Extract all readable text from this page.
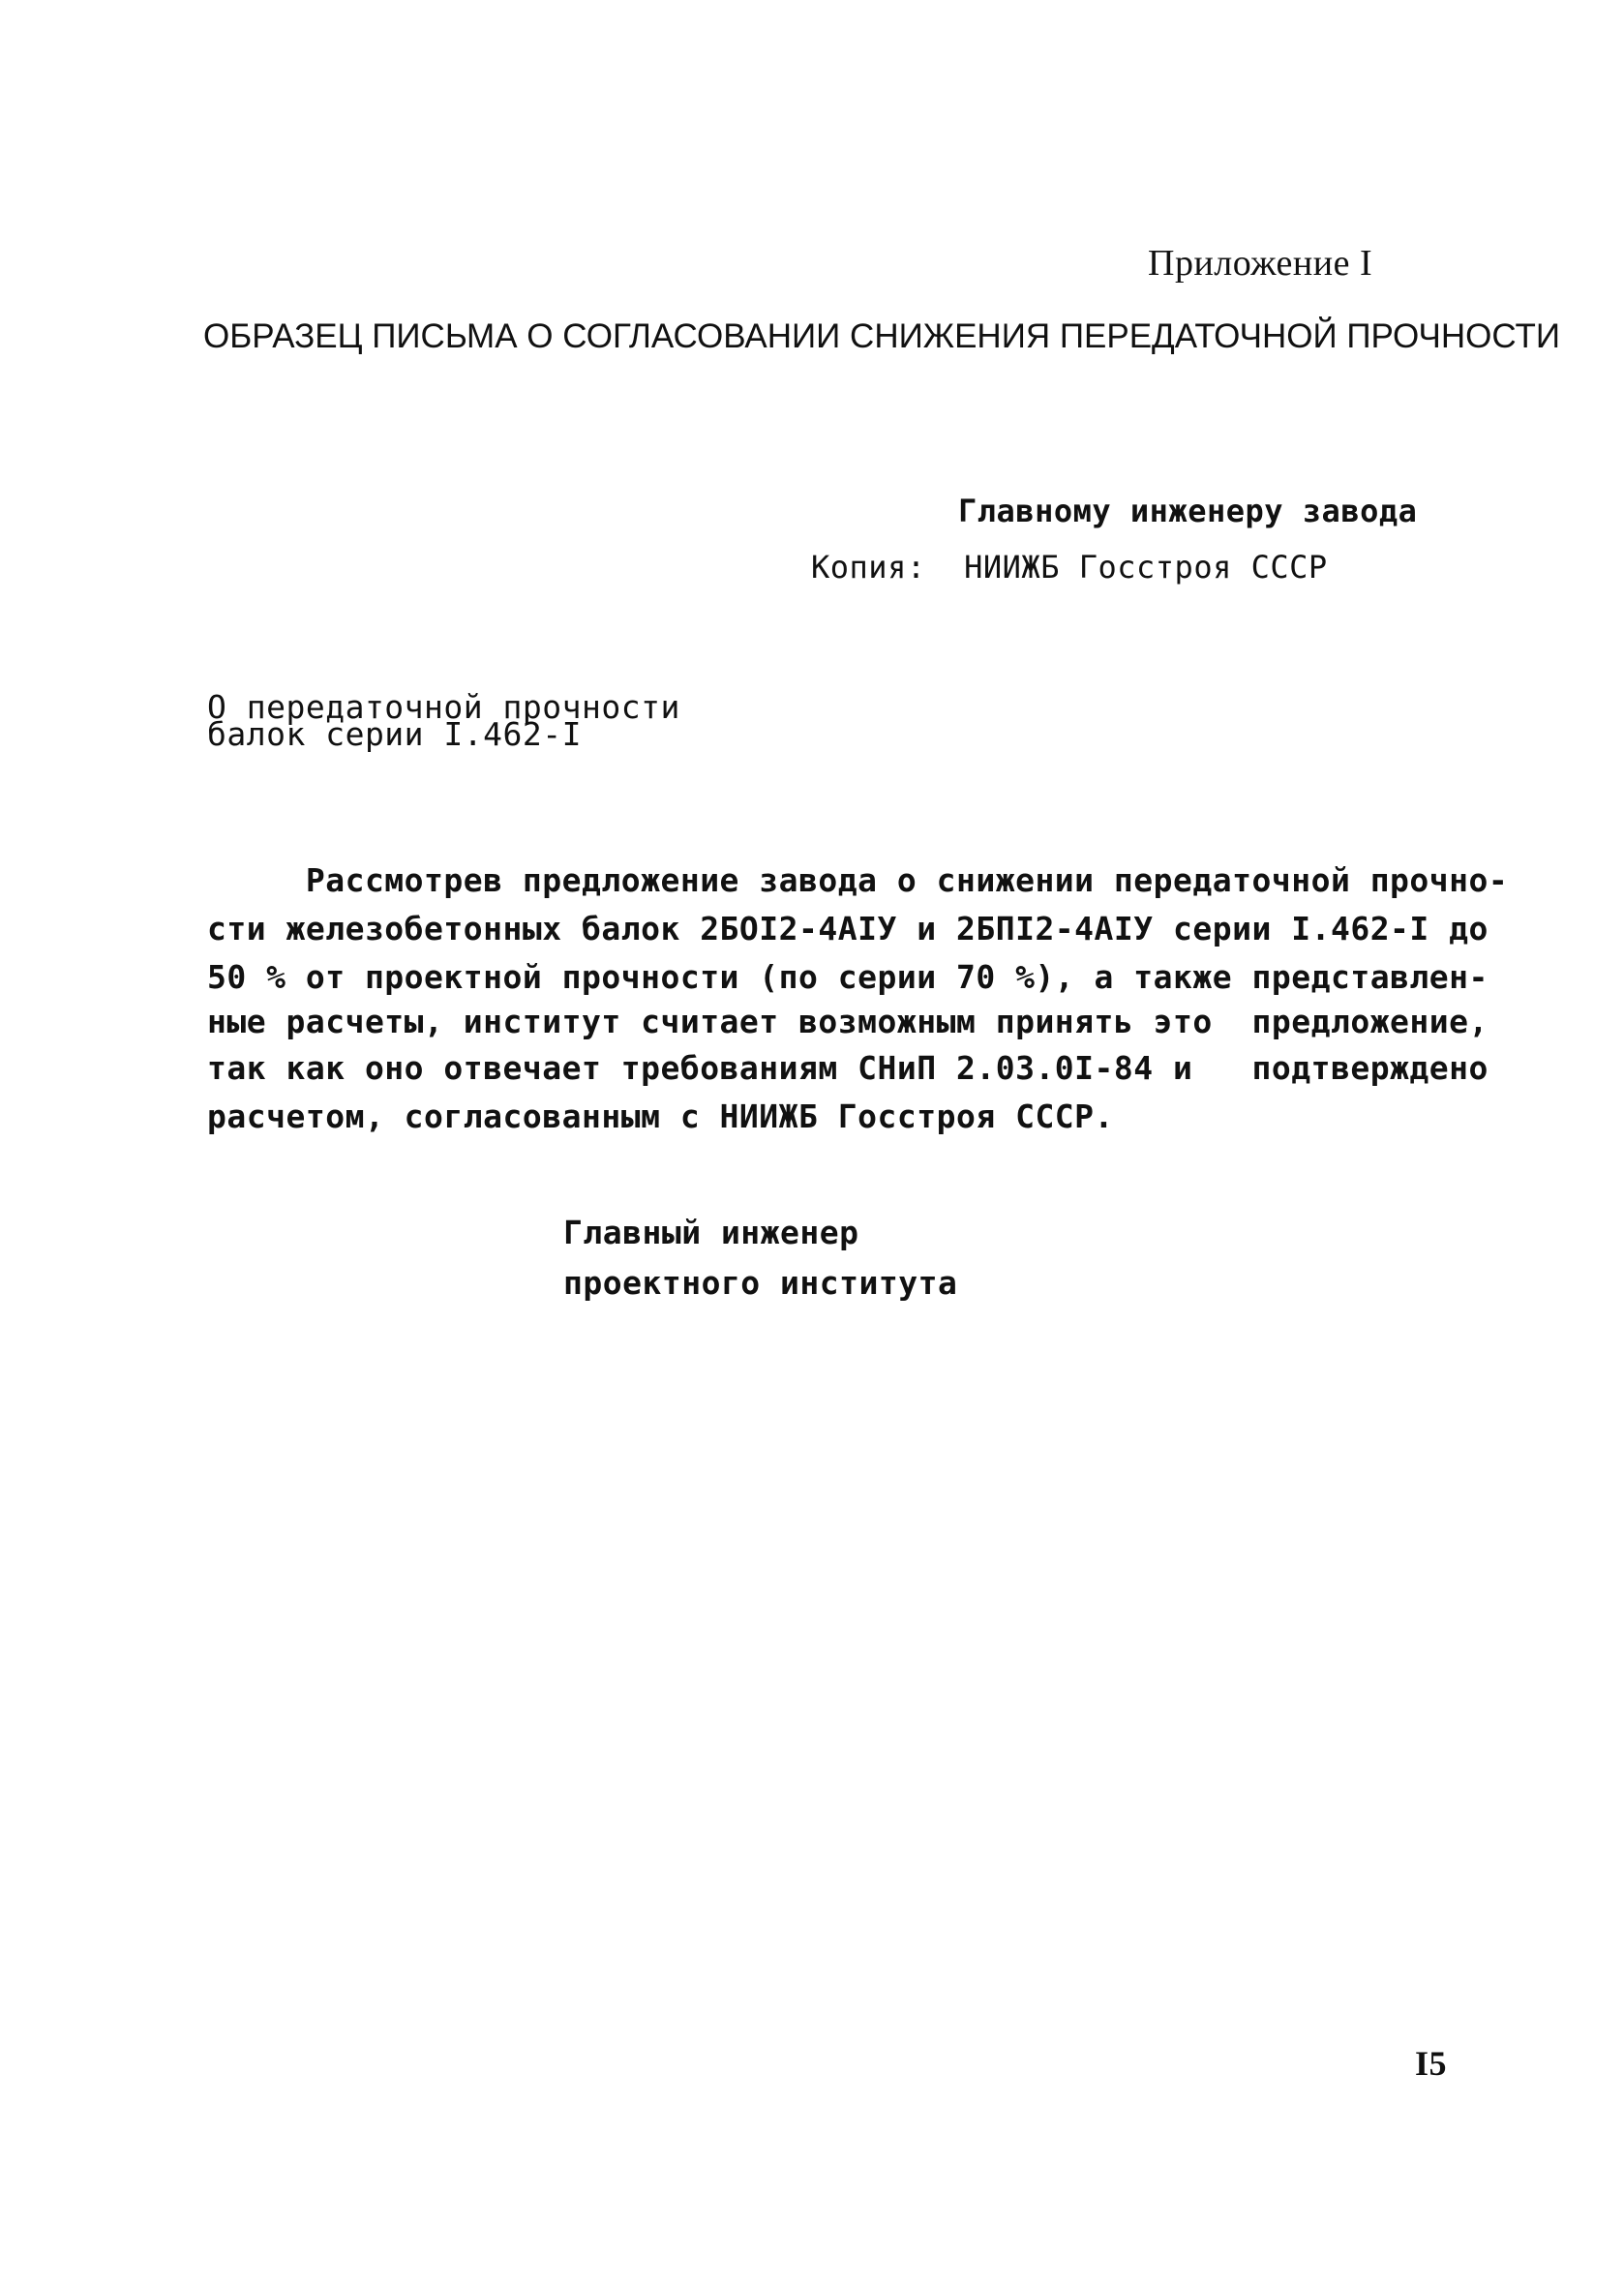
Приложение I
ОБРАЗЕЦ ПИСЬМА О СОГЛАСОВАНИИ СНИЖЕНИЯ ПЕРЕДАТОЧНОЙ ПРОЧНОСТИ
Главному инженеру завода
Копия:  НИИЖБ Госстроя СССР
О передаточной прочности
балок серии I.462-I
Рассмотрев предложение завода о снижении передаточной прочно-
сти железобетонных балок 2БОI2-4АIУ и 2БПI2-4АIУ серии I.462-I до
50 % от проектной прочности (по серии 70 %), а также представлен-
ные расчеты, институт считает возможным принять это  предложение,
так как оно отвечает требованиям СНиП 2.03.0I-84 и   подтверждено
расчетом, согласованным с НИИЖБ Госстроя СССР.
Главный инженер
проектного института
I5
